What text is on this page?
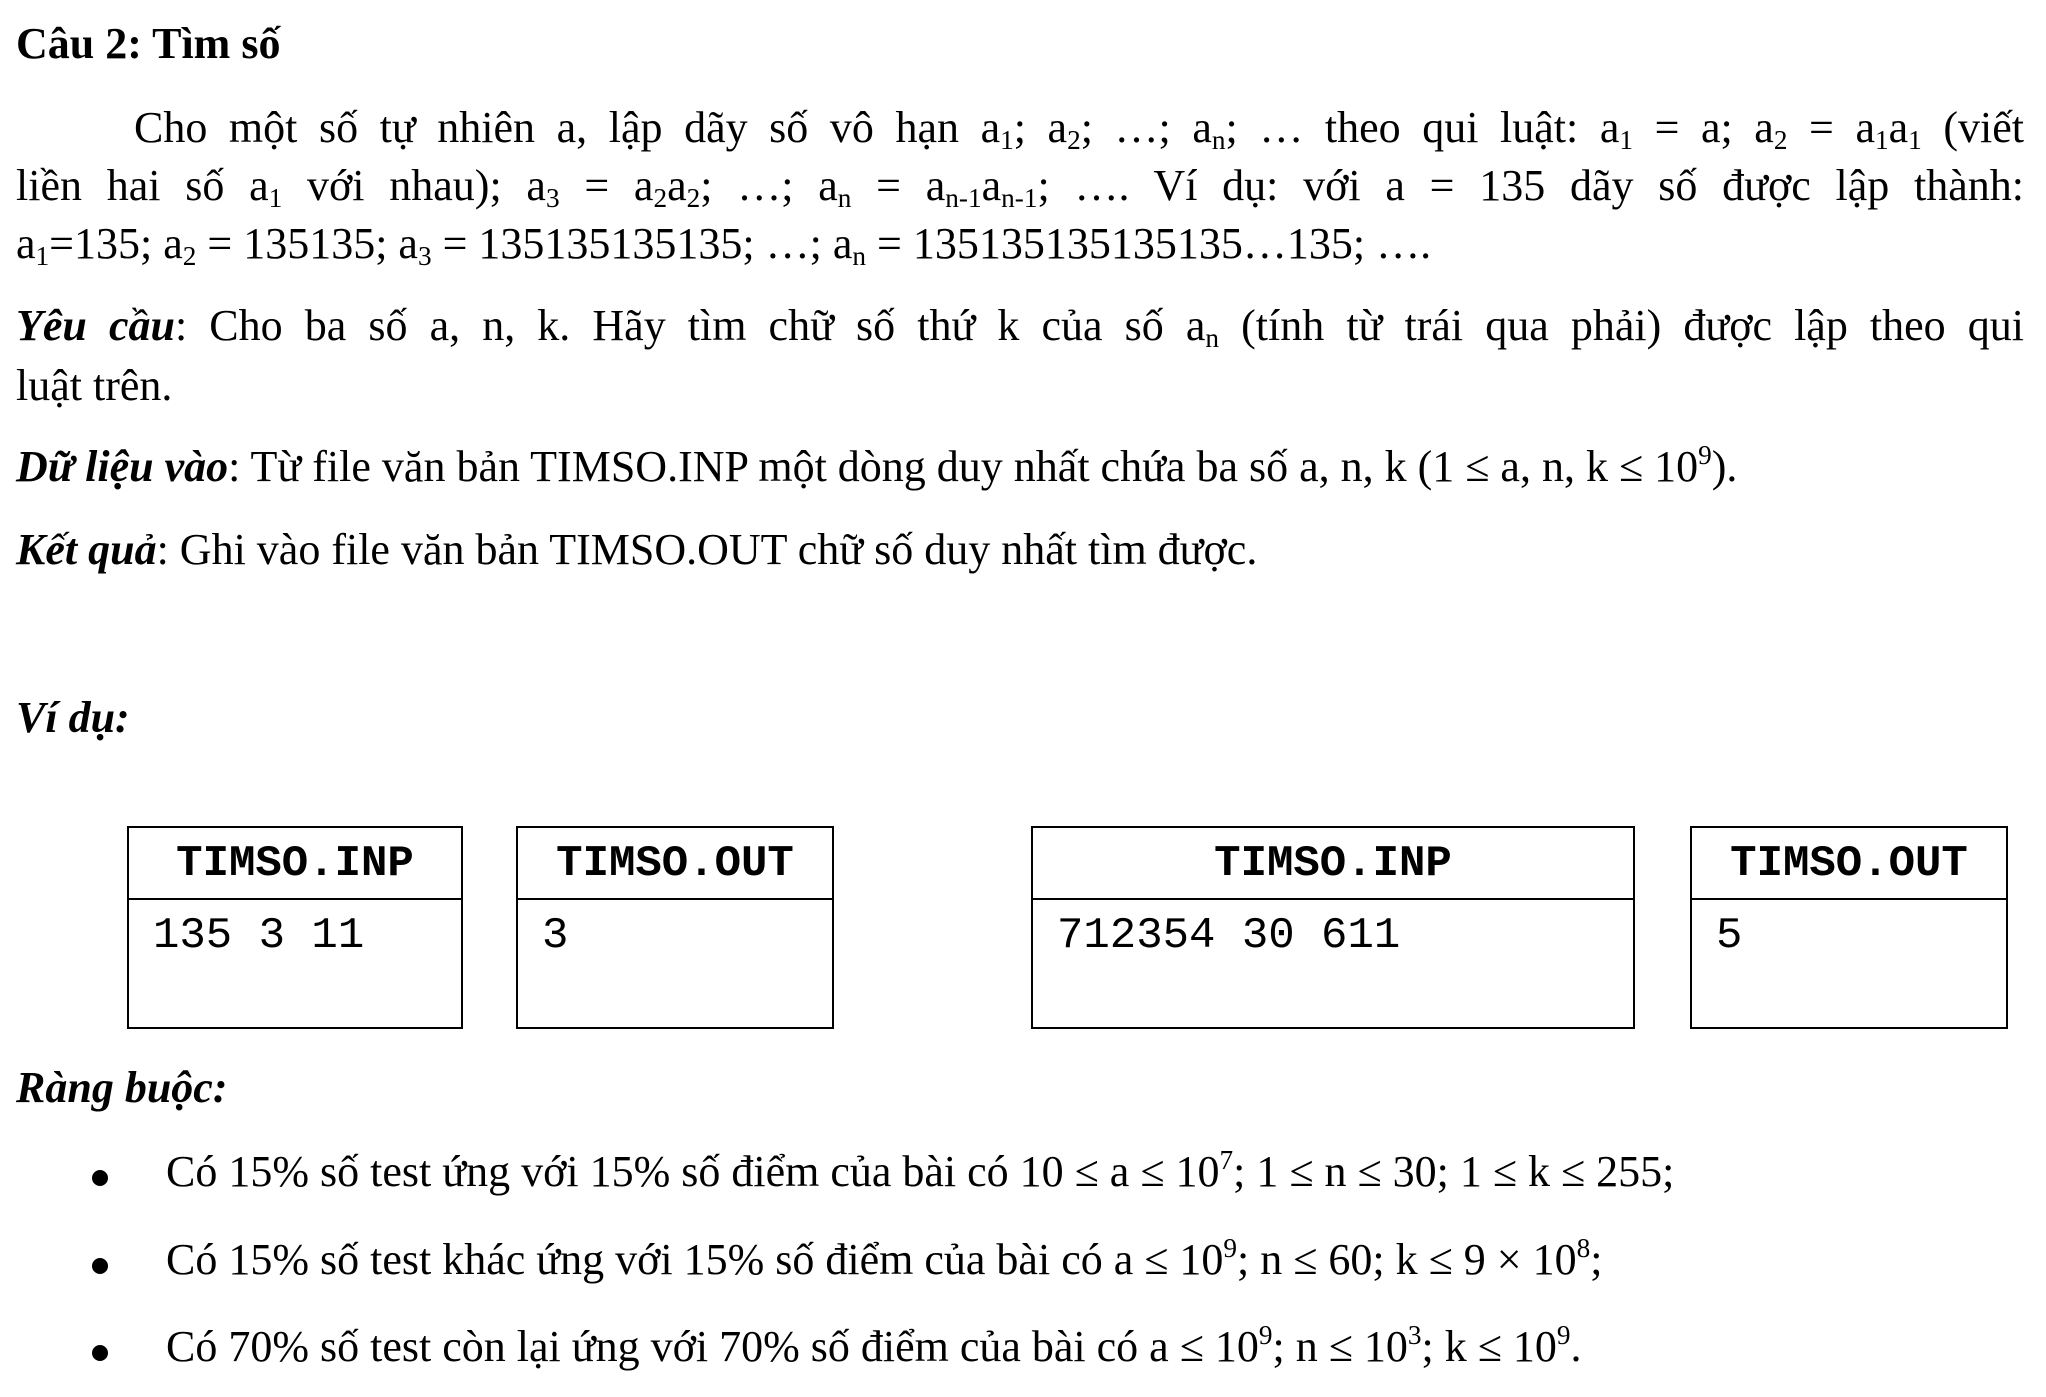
Câu 2: Tìm số
Cho một số tự nhiên a, lập dãy số vô hạn $a_1$; $a_2$; …; $a_n$; … theo qui luật: $a_1 = a$; $a_2 = a_1a_1$ (viết
liền hai số $a_1$ với nhau); $a_3 = a_2a_2$; …; $a_n = a_{n-1}a_{n-1}$; …. Ví dụ: với a = 135 dãy số được lập thành:
$a_1=135$; $a_2 = 135135$; $a_3 = 135135135135$; …; $a_n$ = 135135135135135…135; ….
Yêu cầu: Cho ba số a, n, k. Hãy tìm chữ số thứ k của số $a_n$ (tính từ trái qua phải) được lập theo qui
luật trên.
Dữ liệu vào: Từ file văn bản TIMSO.INP một dòng duy nhất chứa ba số a, n, k (1 ≤ a, n, $k \le 10^9$).
Kết quả: Ghi vào file văn bản TIMSO.OUT chữ số duy nhất tìm được.
Ví dụ:
TIMSO.INP
135 3 11
TIMSO.OUT
3
TIMSO.INP
712354 30 611
TIMSO.OUT
5
Ràng buộc:
Có 15% số test ứng với 15% số điểm của bài có $10 \le a \le 10^7$; 1 ≤ n ≤ 30; 1 ≤ k ≤ 255;
Có 15% số test khác ứng với 15% số điểm của bài có $a \le 10^9$; n ≤ 60; $k \le 9 \times 10^8$;
Có 70% số test còn lại ứng với 70% số điểm của bài có $a \le 10^9$; $n \le 10^3$; $k \le 10^9$.
